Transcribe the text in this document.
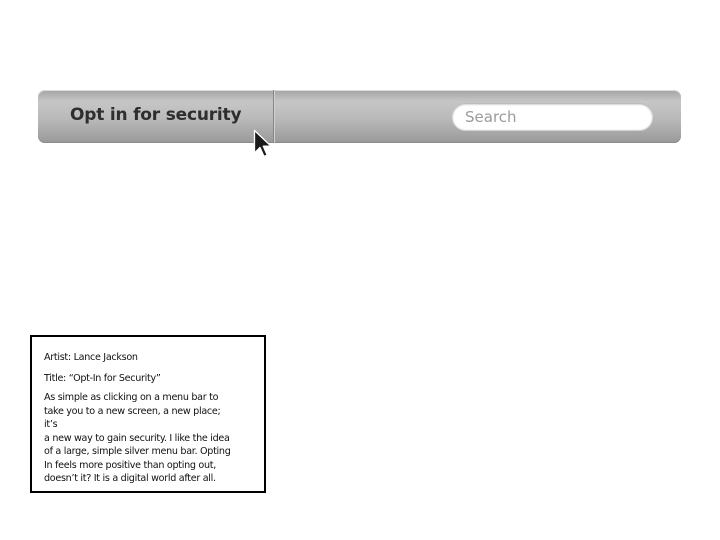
Opt in for security
Search

Artist: Lance Jackson

Title: “Opt-In for Security”

As simple as clicking on a menu bar to
take you to a new screen, a new place;
it’s
a new way to gain security. I like the idea
of a large, simple silver menu bar. Opting
In feels more positive than opting out,
doesn’t it? It is a digital world after all.
